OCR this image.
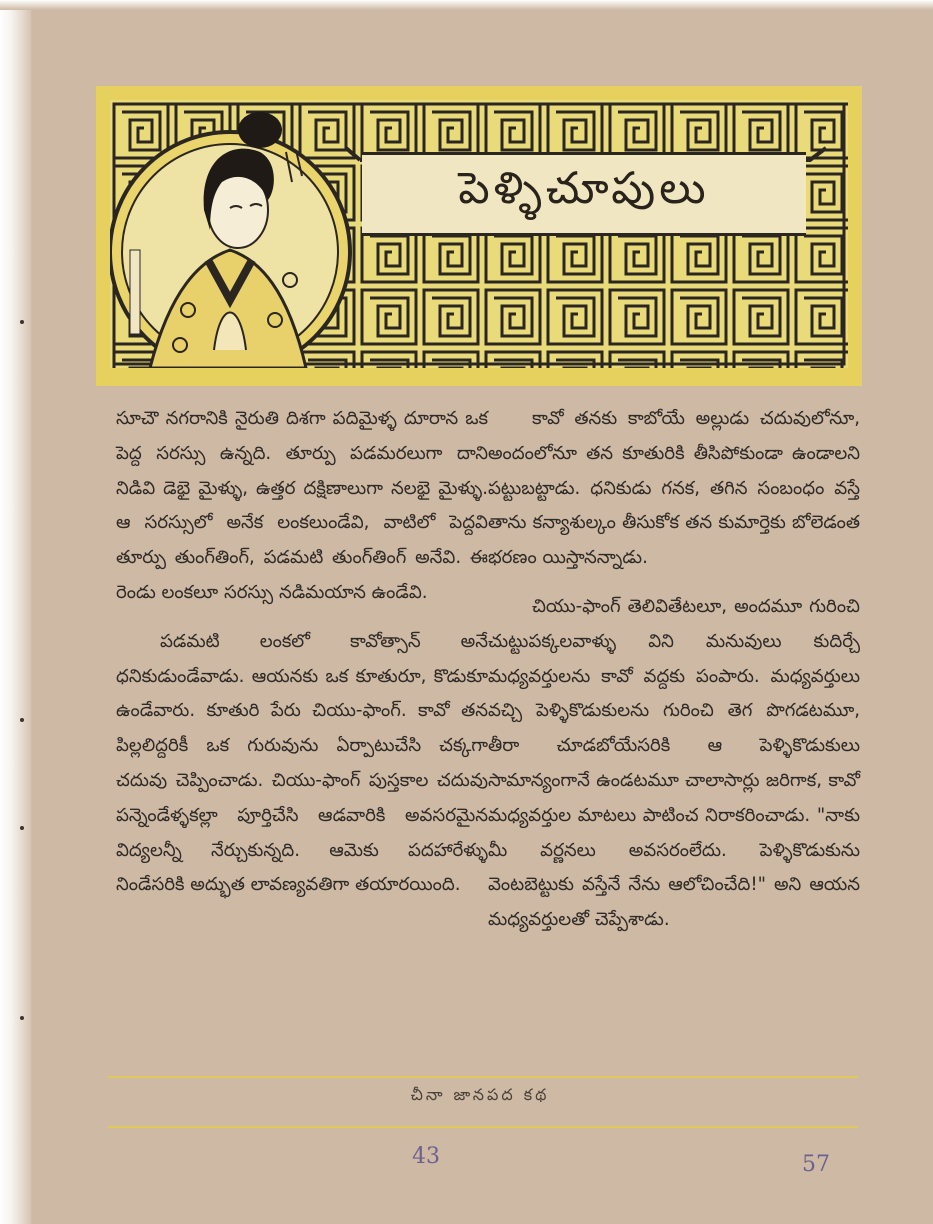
పెళ్ళిచూపులు

సూచౌ నగరానికి నైరుతి దిశగా పదిమైళ్ళ దూరాన ఒక పెద్ద సరస్సు ఉన్నది. తూర్పు పడమరలుగా దాని నిడివి డెభై మైళ్ళు, ఉత్తర దక్షిణాలుగా నలభై మైళ్ళు. ఆ సరస్సులో అనేక లంకలుండేవి, వాటిలో పెద్దవి తూర్పు తుంగ్‌తింగ్, పడమటి తుంగ్‌తింగ్ అనేవి. ఈ రెండు లంకలూ సరస్సు నడిమయాన ఉండేవి.

పడమటి లంకలో కావోత్సాన్ అనే ధనికుడుండేవాడు. ఆయనకు ఒక కూతురూ, కొడుకూ ఉండేవారు. కూతురి పేరు చియు-ఫాంగ్. కావో తన పిల్లలిద్దరికీ ఒక గురువును ఏర్పాటుచేసి చక్కగా చదువు చెప్పించాడు. చియు-ఫాంగ్ పుస్తకాల చదువు పన్నెండేళ్ళకల్లా పూర్తిచేసి ఆడవారికి అవసరమైన విద్యలన్నీ నేర్చుకున్నది. ఆమెకు పదహారేళ్ళు నిండేసరికి అద్భుత లావణ్యవతిగా తయారయింది.

కావో తనకు కాబోయే అల్లుడు చదువులోనూ, అందంలోనూ తన కూతురికి తీసిపోకుండా ఉండాలని పట్టుబట్టాడు. ధనికుడు గనక, తగిన సంబంధం వస్తే తాను కన్యాశుల్కం తీసుకోక తన కుమార్తెకు బోలెడంత భరణం యిస్తానన్నాడు.

చియు-ఫాంగ్ తెలివితేటలూ, అందమూ గురించి చుట్టుపక్కలవాళ్ళు విని మనువులు కుదిర్చే మధ్యవర్తులను కావో వద్దకు పంపారు. మధ్యవర్తులు వచ్చి పెళ్ళికొడుకులను గురించి తెగ పొగడటమూ, తీరా చూడబోయేసరికి ఆ పెళ్ళికొడుకులు సామాన్యంగానే ఉండటమూ చాలాసార్లు జరిగాక, కావో మధ్యవర్తుల మాటలు పాటించ నిరాకరించాడు. "నాకు మీ వర్ణనలు అవసరంలేదు. పెళ్ళికొడుకును వెంటబెట్టుకు వస్తేనే నేను ఆలోచించేది!" అని ఆయన మధ్యవర్తులతో చెప్పేశాడు.

చీనా జానపద కథ
43	57
